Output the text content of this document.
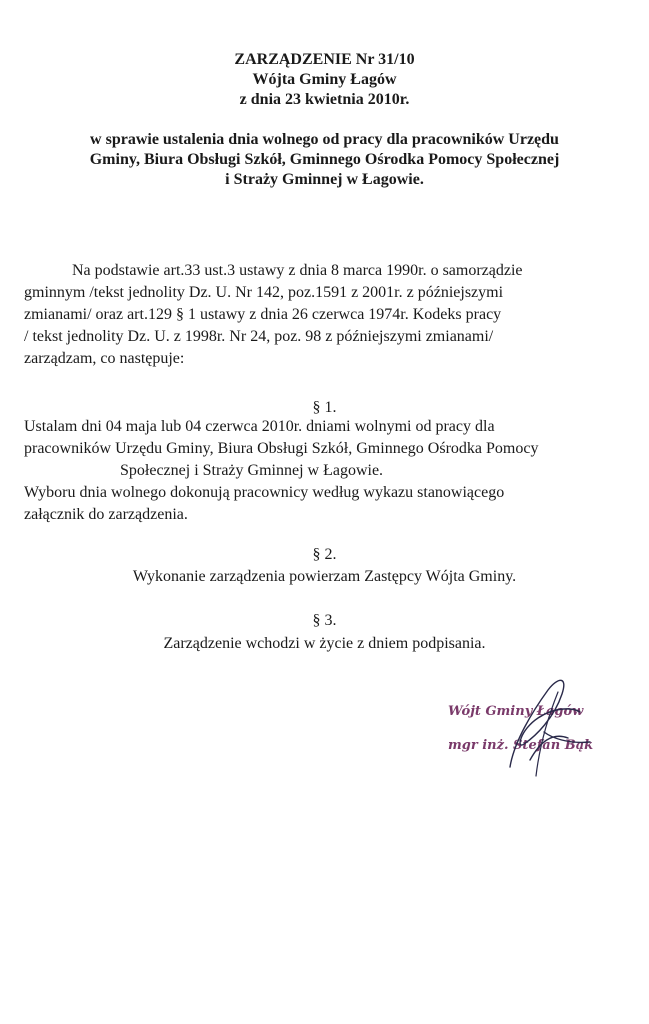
ZARZĄDZENIE Nr 31/10
Wójta Gminy Łagów
z dnia 23 kwietnia 2010r.
w sprawie ustalenia dnia wolnego od pracy dla pracowników Urzędu
Gminy, Biura Obsługi Szkół, Gminnego Ośrodka Pomocy Społecznej
i Straży Gminnej w Łagowie.
Na podstawie art.33 ust.3 ustawy z dnia 8 marca 1990r. o samorządzie
gminnym /tekst jednolity Dz. U. Nr 142, poz.1591 z 2001r. z późniejszymi
zmianami/ oraz art.129 § 1 ustawy z dnia 26 czerwca 1974r. Kodeks pracy
/ tekst jednolity Dz. U. z 1998r. Nr 24, poz. 98 z późniejszymi zmianami/
zarządzam, co następuje:
§ 1.
Ustalam dni 04 maja lub 04 czerwca 2010r. dniami wolnymi od pracy dla
pracowników Urzędu Gminy, Biura Obsługi Szkół, Gminnego Ośrodka Pomocy
Społecznej i Straży Gminnej w Łagowie.
Wyboru dnia wolnego dokonują pracownicy według wykazu stanowiącego
załącznik do zarządzenia.
§ 2.
Wykonanie zarządzenia powierzam Zastępcy Wójta Gminy.
§ 3.
Zarządzenie wchodzi w życie z dniem podpisania.
Wójt Gminy Łagów
mgr inż. Stefan Bąk
